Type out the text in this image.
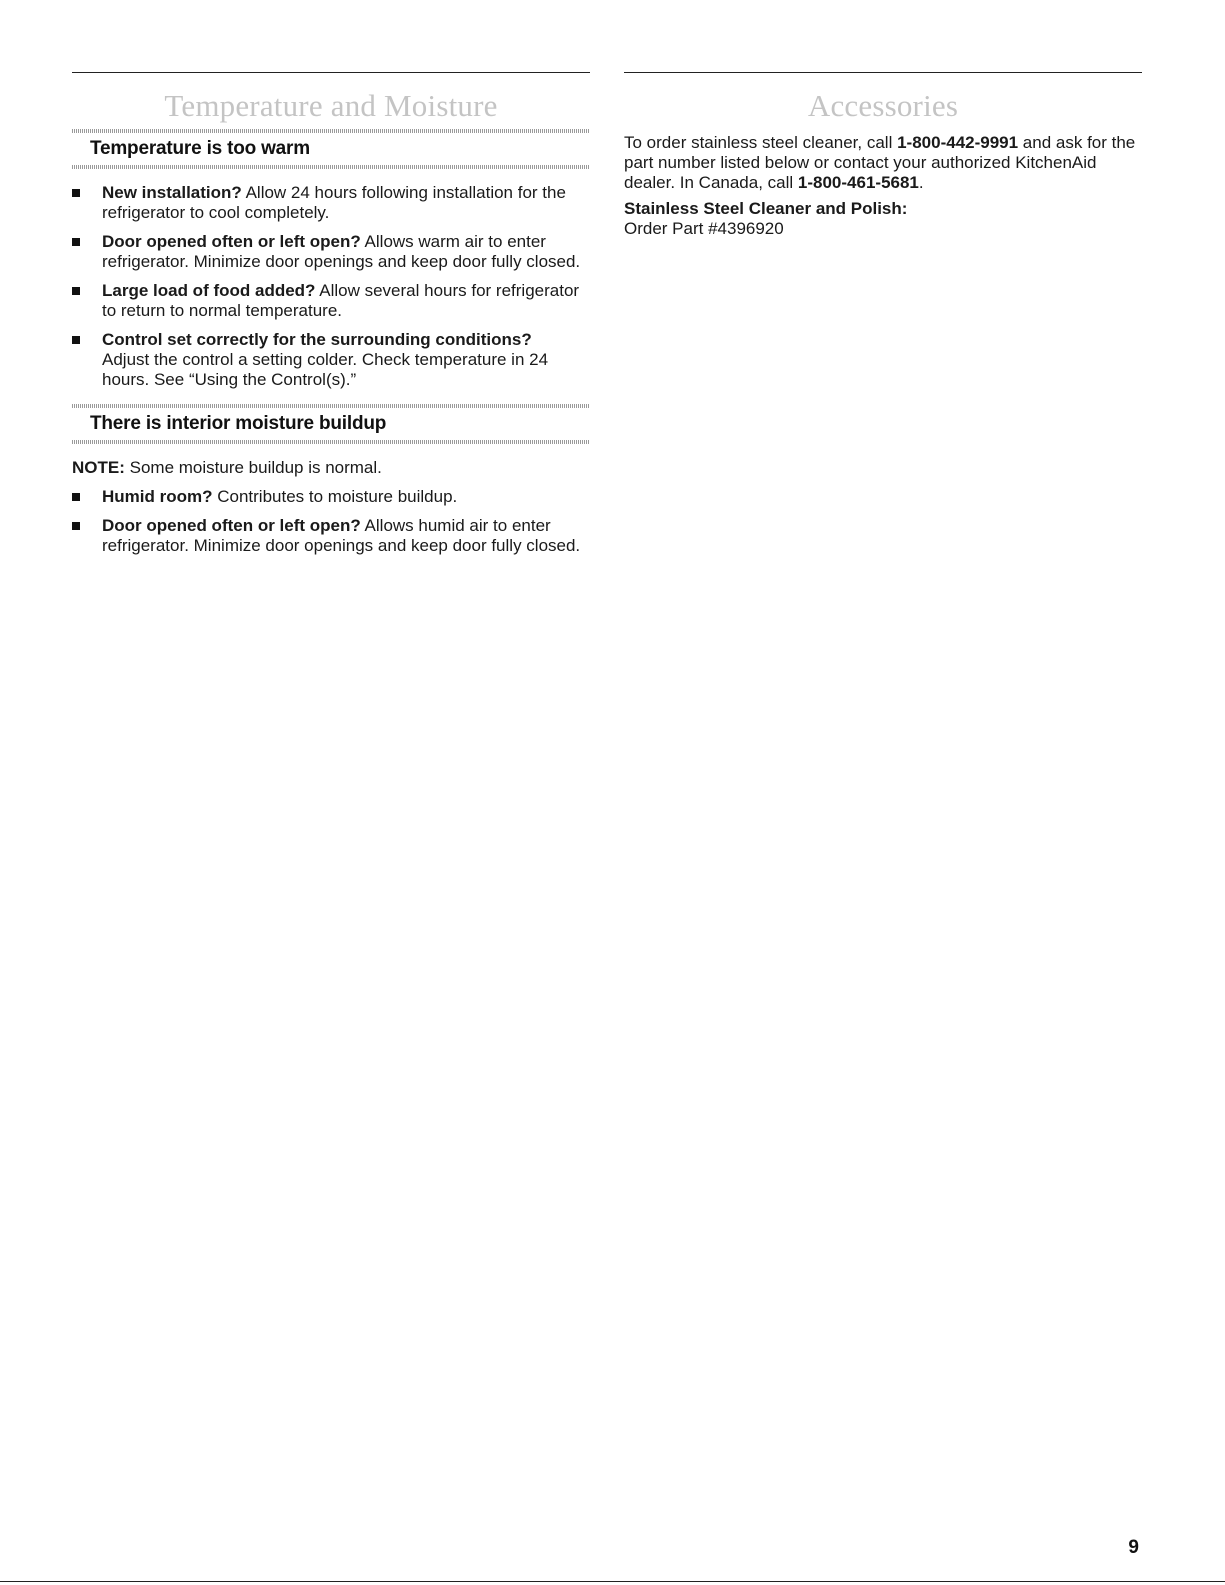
Temperature and Moisture
Temperature is too warm
New installation? Allow 24 hours following installation for the refrigerator to cool completely.
Door opened often or left open? Allows warm air to enter refrigerator. Minimize door openings and keep door fully closed.
Large load of food added? Allow several hours for refrigerator to return to normal temperature.
Control set correctly for the surrounding conditions? Adjust the control a setting colder. Check temperature in 24 hours. See “Using the Control(s).”
There is interior moisture buildup
NOTE: Some moisture buildup is normal.
Humid room? Contributes to moisture buildup.
Door opened often or left open? Allows humid air to enter refrigerator. Minimize door openings and keep door fully closed.
Accessories
To order stainless steel cleaner, call 1-800-442-9991 and ask for the part number listed below or contact your authorized KitchenAid dealer. In Canada, call 1-800-461-5681.
Stainless Steel Cleaner and Polish:
Order Part #4396920
9
